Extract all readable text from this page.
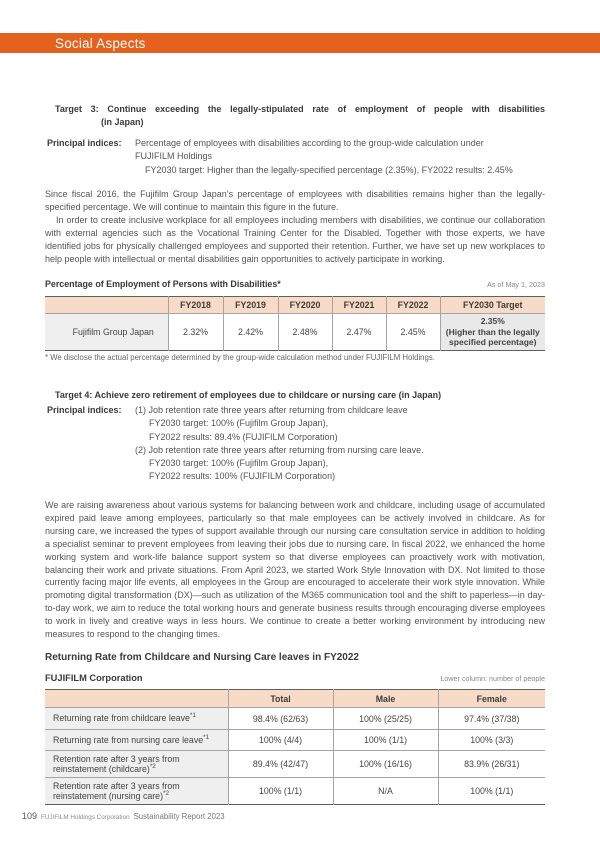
Social Aspects
Target 3: Continue exceeding the legally-stipulated rate of employment of people with disabilities
(in Japan)
Principal indices:	Percentage of employees with disabilities according to the group-wide calculation under
FUJIFILM Holdings
FY2030 target: Higher than the legally-specified percentage (2.35%), FY2022 results: 2.45%
Since fiscal 2016, the Fujifilm Group Japan’s percentage of employees with disabilities remains higher than the legally-specified percentage. We will continue to maintain this figure in the future.
In order to create inclusive workplace for all employees including members with disabilities, we continue our collaboration with external agencies such as the Vocational Training Center for the Disabled. Together with those experts, we have identified jobs for physically challenged employees and supported their retention. Further, we have set up new workplaces to help people with intellectual or mental disabilities gain opportunities to actively participate in working.
Percentage of Employment of Persons with Disabilities*	As of May 1, 2023
	FY2018	FY2019	FY2020	FY2021	FY2022	FY2030 Target
Fujifilm Group Japan	2.32%	2.42%	2.48%	2.47%	2.45%	2.35%
(Higher than the legally specified percentage)
* We disclose the actual percentage determined by the group-wide calculation method under FUJIFILM Holdings.
Target 4: Achieve zero retirement of employees due to childcare or nursing care (in Japan)
Principal indices:	(1) Job retention rate three years after returning from childcare leave
FY2030 target: 100% (Fujifilm Group Japan),
FY2022 results: 89.4% (FUJIFILM Corporation)
(2) Job retention rate three years after returning from nursing care leave.
FY2030 target: 100% (Fujifilm Group Japan),
FY2022 results: 100% (FUJIFILM Corporation)
We are raising awareness about various systems for balancing between work and childcare, including usage of accumulated expired paid leave among employees, particularly so that male employees can be actively involved in childcare. As for nursing care, we increased the types of support available through our nursing care consultation service in addition to holding a specialist seminar to prevent employees from leaving their jobs due to nursing care. In fiscal 2022, we enhanced the home working system and work-life balance support system so that diverse employees can proactively work with motivation, balancing their work and private situations. From April 2023, we started Work Style Innovation with DX. Not limited to those currently facing major life events, all employees in the Group are encouraged to accelerate their work style innovation. While promoting digital transformation (DX)—such as utilization of the M365 communication tool and the shift to paperless—in day-to-day work, we aim to reduce the total working hours and generate business results through encouraging diverse employees to work in lively and creative ways in less hours. We continue to create a better working environment by introducing new measures to respond to the changing times.
Returning Rate from Childcare and Nursing Care leaves in FY2022
FUJIFILM Corporation	Lower column: number of people
	Total	Male	Female
Returning rate from childcare leave$^{*1}$	98.4% (62/63)	100% (25/25)	97.4% (37/38)
Returning rate from nursing care leave$^{*1}$	100% (4/4)	100% (1/1)	100% (3/3)
Retention rate after 3 years from reinstatement (childcare)$^{*2}$	89.4% (42/47)	100% (16/16)	83.9% (26/31)
Retention rate after 3 years from reinstatement (nursing care)$^{*2}$	100% (1/1)	N/A	100% (1/1)
109 FUJIFILM Holdings Corporation Sustainability Report 2023
